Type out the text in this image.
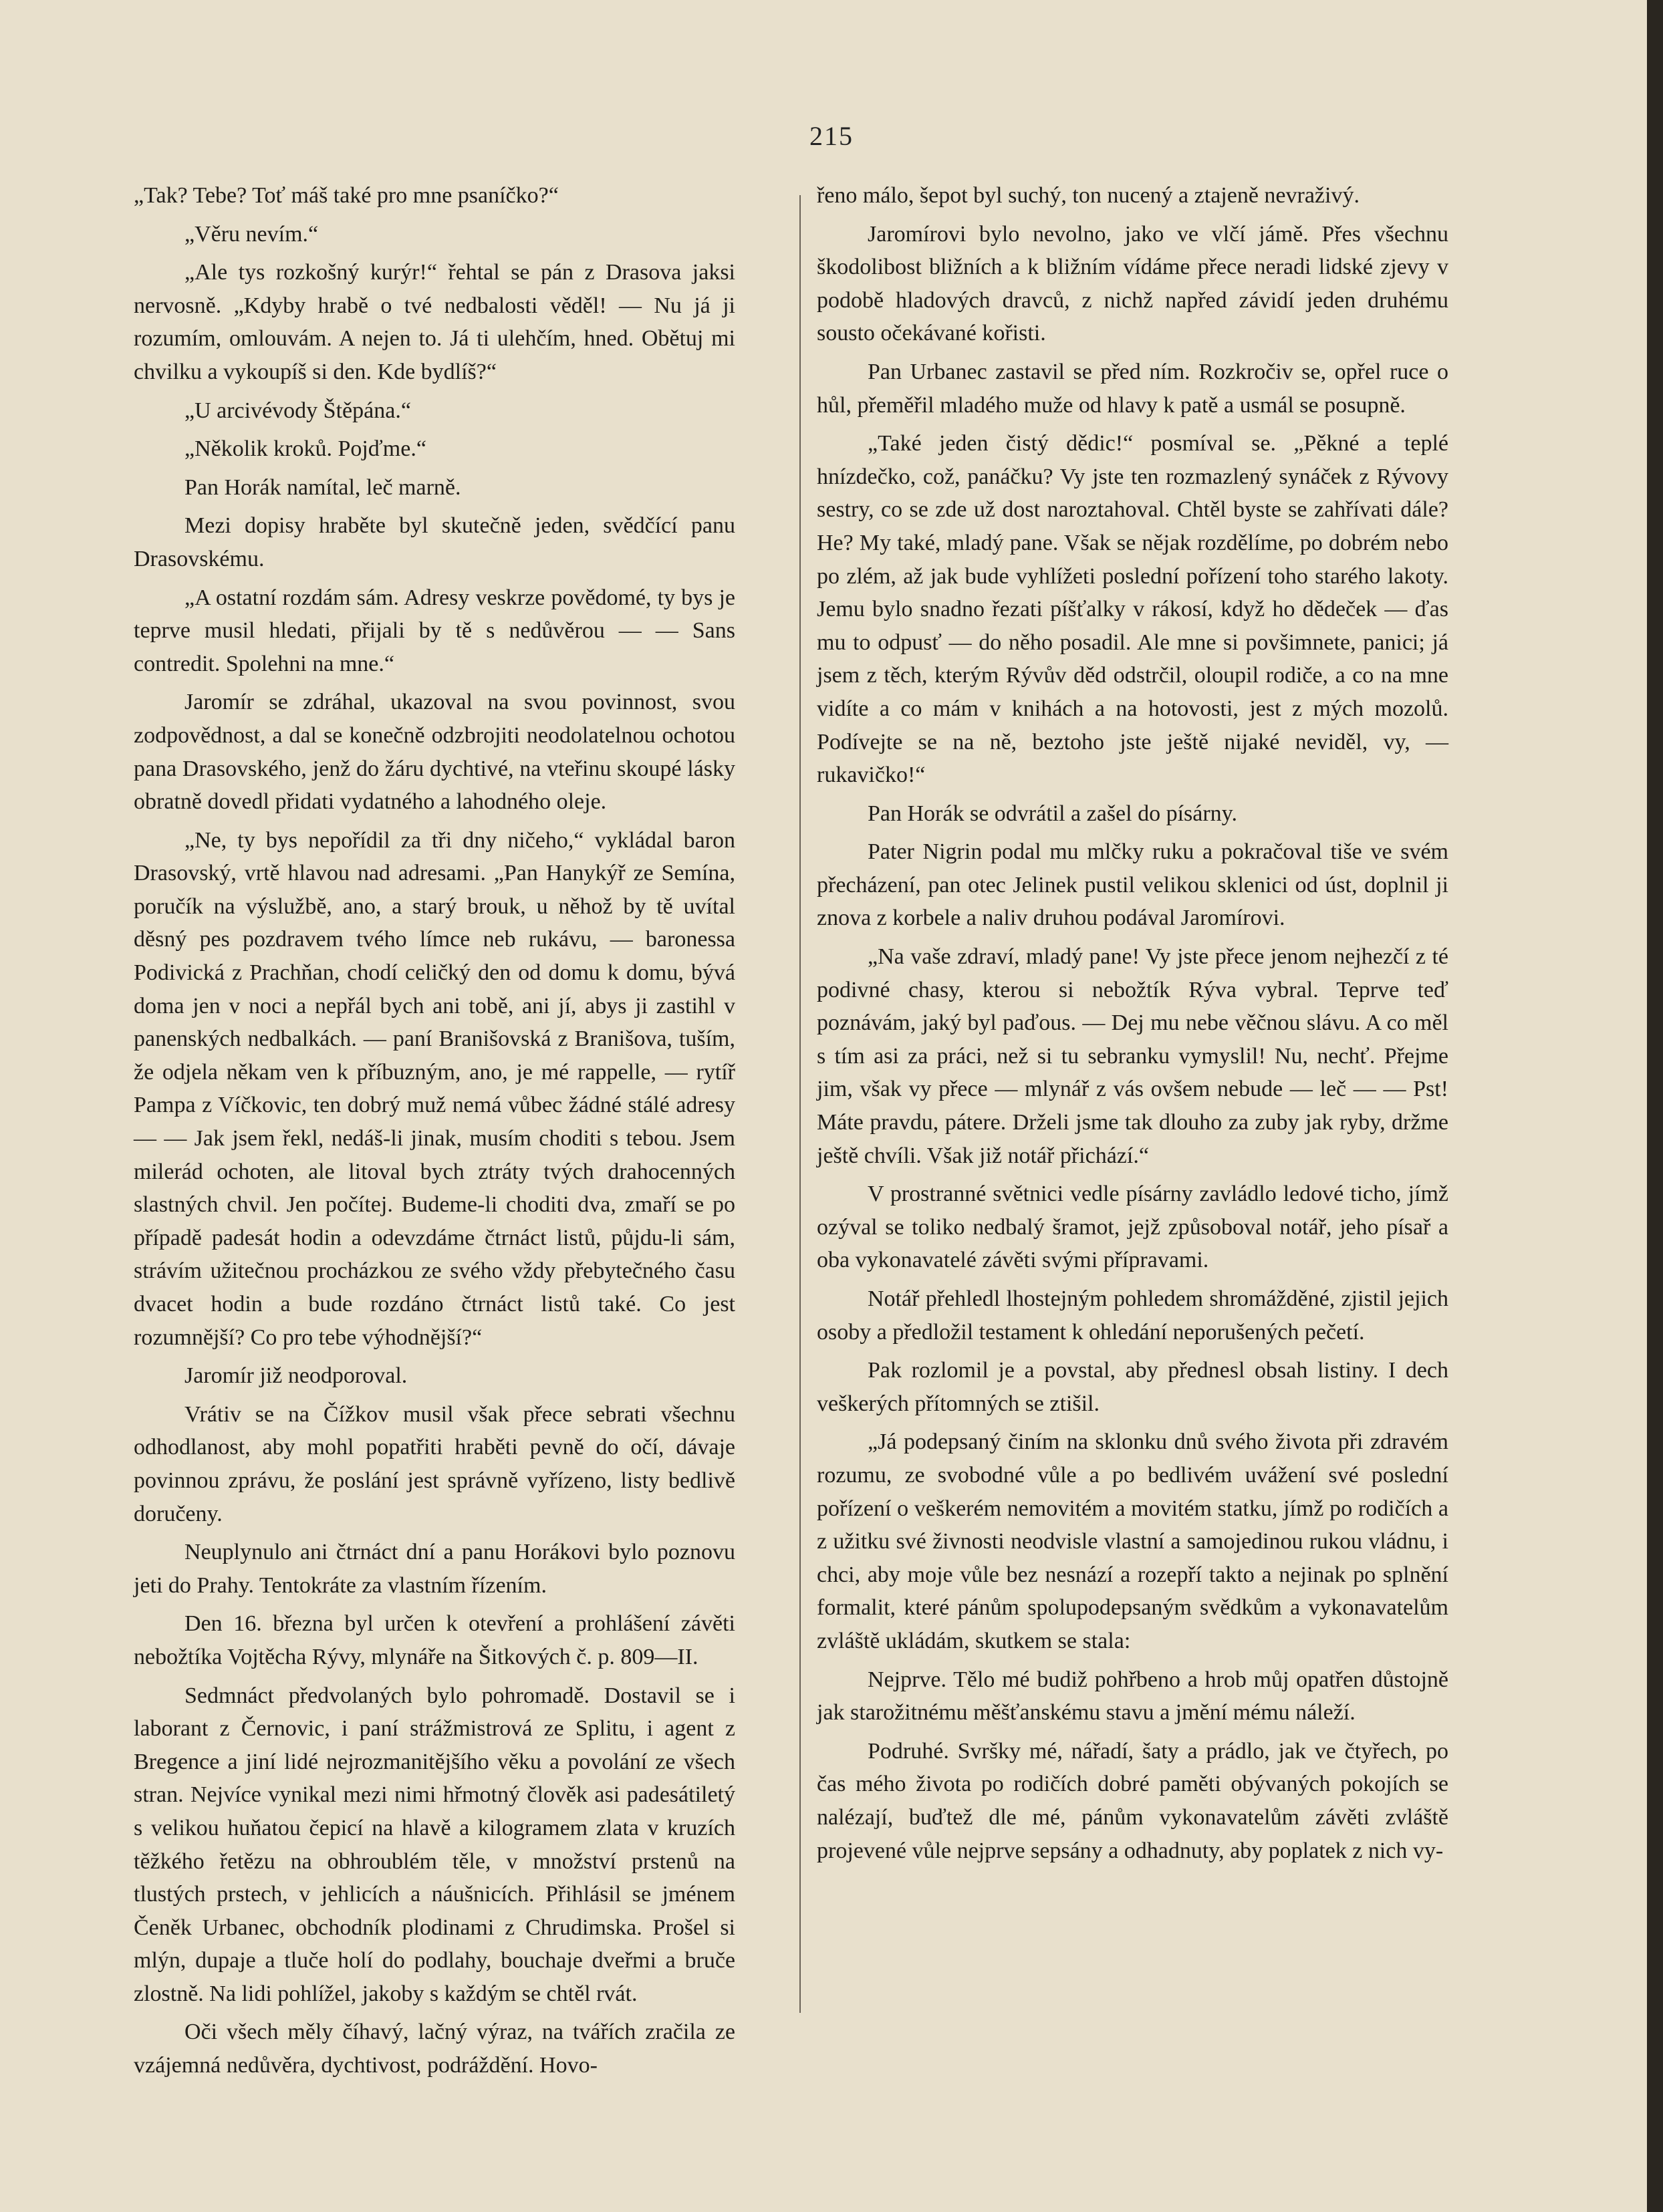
215

„Tak? Tebe? Toť máš také pro mne psaníčko?“

„Věru nevím.“

„Ale tys rozkošný kurýr!“ řehtal se pán z Drasova jaksi nervosně. „Kdyby hrabě o tvé nedbalosti věděl! — Nu já ji rozumím, omlouvám. A nejen to. Já ti ulehčím, hned. Obětuj mi chvilku a vykoupíš si den. Kde bydlíš?“

„U arcivévody Štěpána.“

„Několik kroků. Pojďme.“

Pan Horák namítal, leč marně.

Mezi dopisy hraběte byl skutečně jeden, svědčící panu Drasovskému.

„A ostatní rozdám sám. Adresy veskrze povědomé, ty bys je teprve musil hledati, přijali by tě s nedůvěrou — — Sans contredit. Spolehni na mne.“

Jaromír se zdráhal, ukazoval na svou povinnost, svou zodpovědnost, a dal se konečně odzbrojiti neodolatelnou ochotou pana Drasovského, jenž do žáru dychtivé, na vteřinu skoupé lásky obratně dovedl přidati vydatného a lahodného oleje.

„Ne, ty bys nepořídil za tři dny ničeho,“ vykládal baron Drasovský, vrtě hlavou nad adresami. „Pan Hanykýř ze Semína, poručík na výslužbě, ano, a starý brouk, u něhož by tě uvítal děsný pes pozdravem tvého límce neb rukávu, — baronessa Podivická z Prachňan, chodí celičký den od domu k domu, bývá doma jen v noci a nepřál bych ani tobě, ani jí, abys ji zastihl v panenských nedbalkách. — paní Branišovská z Branišova, tuším, že odjela někam ven k příbuzným, ano, je mé rappelle, — rytíř Pampa z Víčkovic, ten dobrý muž nemá vůbec žádné stálé adresy — — Jak jsem řekl, nedáš-li jinak, musím choditi s tebou. Jsem milerád ochoten, ale litoval bych ztráty tvých drahocenných slastných chvil. Jen počítej. Budeme-li choditi dva, zmaří se po případě padesát hodin a odevzdáme čtrnáct listů, půjdu-li sám, strávím užitečnou procházkou ze svého vždy přebytečného času dvacet hodin a bude rozdáno čtrnáct listů také. Co jest rozumnější? Co pro tebe výhodnější?“

Jaromír již neodporoval.

Vrátiv se na Čížkov musil však přece sebrati všechnu odhodlanost, aby mohl popatřiti hraběti pevně do očí, dávaje povinnou zprávu, že poslání jest správně vyřízeno, listy bedlivě doručeny.

Neuplynulo ani čtrnáct dní a panu Horákovi bylo poznovu jeti do Prahy. Tentokráte za vlastním řízením.

Den 16. března byl určen k otevření a prohlášení závěti nebožtíka Vojtěcha Rývy, mlynáře na Šitkových č. p. 809—II.

Sedmnáct předvolaných bylo pohromadě. Dostavil se i laborant z Černovic, i paní strážmistrová ze Splitu, i agent z Bregence a jiní lidé nejrozmanitějšího věku a povolání ze všech stran. Nejvíce vynikal mezi nimi hřmotný člověk asi padesátiletý s velikou huňatou čepicí na hlavě a kilogramem zlata v kruzích těžkého řetězu na obhroublém těle, v množství prstenů na tlustých prstech, v jehlicích a náušnicích. Přihlásil se jménem Čeněk Urbanec, obchodník plodinami z Chrudimska. Prošel si mlýn, dupaje a tluče holí do podlahy, bouchaje dveřmi a bruče zlostně. Na lidi pohlížel, jakoby s každým se chtěl rvát.

Oči všech měly číhavý, lačný výraz, na tvářích zračila ze vzájemná nedůvěra, dychtivost, podráždění. Hovo-

řeno málo, šepot byl suchý, ton nucený a ztajeně nevraživý.

Jaromírovi bylo nevolno, jako ve vlčí jámě. Přes všechnu škodolibost bližních a k bližním vídáme přece neradi lidské zjevy v podobě hladových dravců, z nichž napřed závidí jeden druhému sousto očekávané kořisti.

Pan Urbanec zastavil se před ním. Rozkročiv se, opřel ruce o hůl, přeměřil mladého muže od hlavy k patě a usmál se posupně.

„Také jeden čistý dědic!“ posmíval se. „Pěkné a teplé hnízdečko, což, panáčku? Vy jste ten rozmazlený synáček z Rývovy sestry, co se zde už dost naroztahoval. Chtěl byste se zahřívati dále? He? My také, mladý pane. Však se nějak rozdělíme, po dobrém nebo po zlém, až jak bude vyhlížeti poslední pořízení toho starého lakoty. Jemu bylo snadno řezati píšťalky v rákosí, když ho dědeček — ďas mu to odpusť — do něho posadil. Ale mne si povšimnete, panici; já jsem z těch, kterým Rývův děd odstrčil, oloupil rodiče, a co na mne vidíte a co mám v knihách a na hotovosti, jest z mých mozolů. Podívejte se na ně, beztoho jste ještě nijaké neviděl, vy, — rukavičko!“

Pan Horák se odvrátil a zašel do písárny.

Pater Nigrin podal mu mlčky ruku a pokračoval tiše ve svém přecházení, pan otec Jelinek pustil velikou sklenici od úst, doplnil ji znova z korbele a naliv druhou podával Jaromírovi.

„Na vaše zdraví, mladý pane! Vy jste přece jenom nejhezčí z té podivné chasy, kterou si nebožtík Rýva vybral. Teprve teď poznávám, jaký byl paďous. — Dej mu nebe věčnou slávu. A co měl s tím asi za práci, než si tu sebranku vymyslil! Nu, nechť. Přejme jim, však vy přece — mlynář z vás ovšem nebude — leč — — Pst! Máte pravdu, pátere. Drželi jsme tak dlouho za zuby jak ryby, držme ještě chvíli. Však již notář přichází.“

V prostranné světnici vedle písárny zavládlo ledové ticho, jímž ozýval se toliko nedbalý šramot, jejž způsoboval notář, jeho písař a oba vykonavatelé závěti svými přípravami.

Notář přehledl lhostejným pohledem shromážděné, zjistil jejich osoby a předložil testament k ohledání neporušených pečetí.

Pak rozlomil je a povstal, aby přednesl obsah listiny. I dech veškerých přítomných se ztišil.

„Já podepsaný činím na sklonku dnů svého života při zdravém rozumu, ze svobodné vůle a po bedlivém uvážení své poslední pořízení o veškerém nemovitém a movitém statku, jímž po rodičích a z užitku své živnosti neodvisle vlastní a samojedinou rukou vládnu, i chci, aby moje vůle bez nesnází a rozepří takto a nejinak po splnění formalit, které pánům spolupodepsaným svědkům a vykonavatelům zvláště ukládám, skutkem se stala:

Nejprve. Tělo mé budiž pohřbeno a hrob můj opatřen důstojně jak starožitnému měšťanskému stavu a jmění mému náleží.

Podruhé. Svršky mé, nářadí, šaty a prádlo, jak ve čtyřech, po čas mého života po rodičích dobré paměti obývaných pokojích se nalézají, buďtež dle mé, pánům vykonavatelům závěti zvláště projevené vůle nejprve sepsány a odhadnuty, aby poplatek z nich vy-
